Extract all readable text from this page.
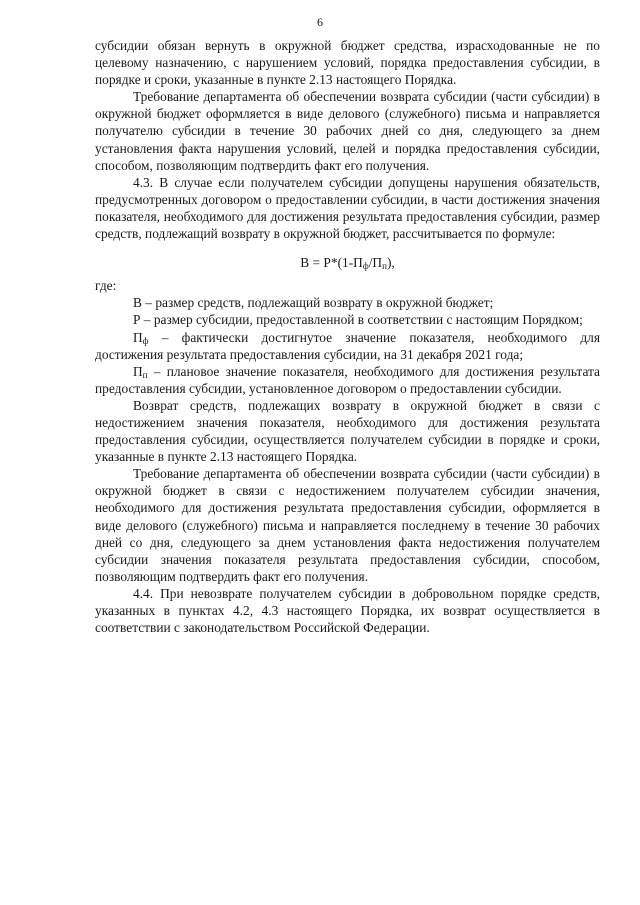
6

субсидии обязан вернуть в окружной бюджет средства, израсходованные не по целевому назначению, с нарушением условий, порядка предоставления субсидии, в порядке и сроки, указанные в пункте 2.13 настоящего Порядка.

Требование департамента об обеспечении возврата субсидии (части субсидии) в окружной бюджет оформляется в виде делового (служебного) письма и направляется получателю субсидии в течение 30 рабочих дней со дня, следующего за днем установления факта нарушения условий, целей и порядка предоставления субсидии, способом, позволяющим подтвердить факт его получения.

4.3. В случае если получателем субсидии допущены нарушения обязательств, предусмотренных договором о предоставлении субсидии, в части достижения значения показателя, необходимого для достижения результата предоставления субсидии, размер средств, подлежащий возврату в окружной бюджет, рассчитывается по формуле:

$В = Р*(1-П_ф/П_п)$,

где:

В – размер средств, подлежащий возврату в окружной бюджет;

Р – размер субсидии, предоставленной в соответствии с настоящим Порядком;

$П_ф$ – фактически достигнутое значение показателя, необходимого для достижения результата предоставления субсидии, на 31 декабря 2021 года;

$П_п$ – плановое значение показателя, необходимого для достижения результата предоставления субсидии, установленное договором о предоставлении субсидии.

Возврат средств, подлежащих возврату в окружной бюджет в связи с недостижением значения показателя, необходимого для достижения результата предоставления субсидии, осуществляется получателем субсидии в порядке и сроки, указанные в пункте 2.13 настоящего Порядка.

Требование департамента об обеспечении возврата субсидии (части субсидии) в окружной бюджет в связи с недостижением получателем субсидии значения, необходимого для достижения результата предоставления субсидии, оформляется в виде делового (служебного) письма и направляется последнему в течение 30 рабочих дней со дня, следующего за днем установления факта недостижения получателем субсидии значения показателя результата предоставления субсидии, способом, позволяющим подтвердить факт его получения.

4.4. При невозврате получателем субсидии в добровольном порядке средств, указанных в пунктах 4.2, 4.3 настоящего Порядка, их возврат осуществляется в соответствии с законодательством Российской Федерации.
